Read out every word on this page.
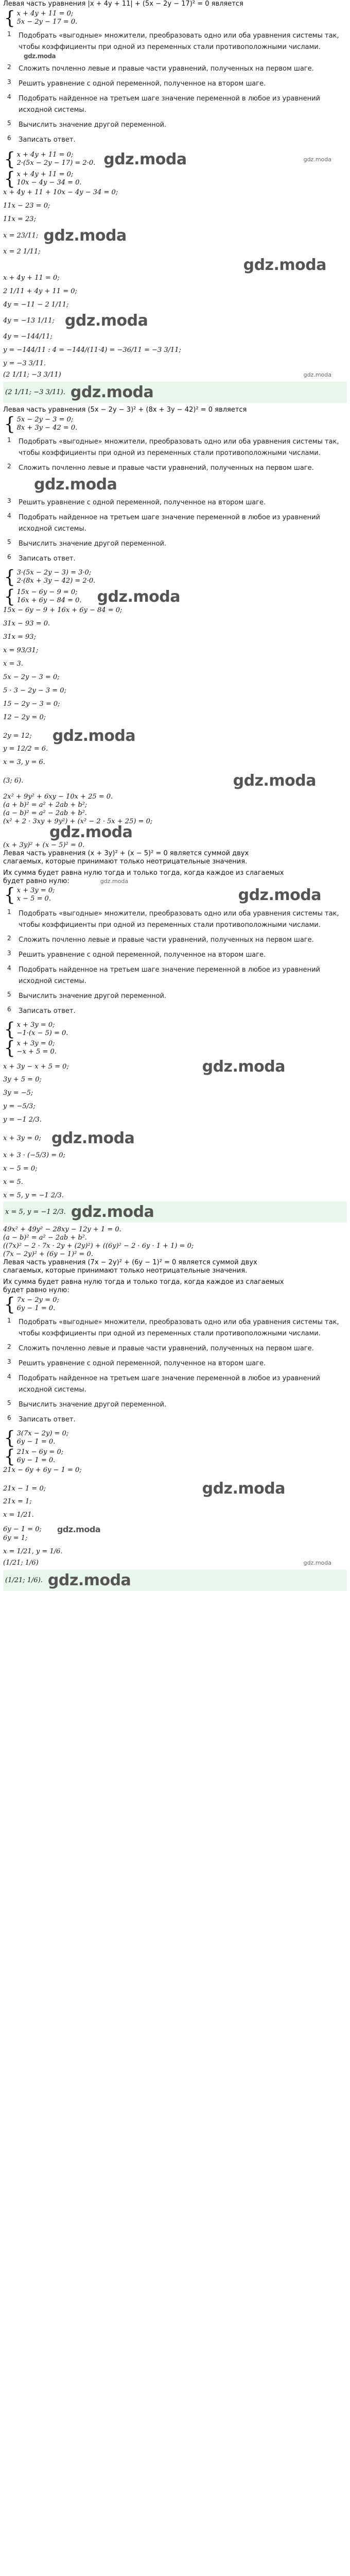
Левая часть уравнения |x + 4y + 11| + (5x − 2y − 17)² = 0 является

{ x + 4y + 11 = 0;
5x − 2y − 17 = 0.
1	Подобрать «выгодные» множители, преобразовать одно или оба уравнения системы так, чтобы коэффициенты при одной из переменных стали противоположными числами.
gdz.moda
2	Сложить почленно левые и правые части уравнений, полученных на первом шаге.
3	Решить уравнение с одной переменной, полученное на втором шаге.
4	Подобрать найденное на третьем шаге значение переменной в любое из уравнений исходной системы.
5	Вычислить значение другой переменной.
6	Записать ответ.
{ x + 4y + 11 = 0;
2·(5x − 2y − 17) = 2·0. gdz.moda	gdz.moda
{ x + 4y + 11 = 0;
10x − 4y − 34 = 0.

x + 4y + 11 + 10x − 4y − 34 = 0;

11x − 23 = 0;

11x = 23;

x = 23/11; gdz.moda

x = 2 1/11;

gdz.moda

x + 4y + 11 = 0;

2 1/11 + 4y + 11 = 0;

4y = −11 − 2 1/11;
4y = −13 1/11; gdz.moda

4y = −144/11;

y = −144/11 : 4 = −144/(11·4) = −36/11 = −3 3/11;

y = −3 3/11.

(2 1/11; −3 3/11)	gdz.moda
(2 1/11; −3 3/11). gdz.moda

Левая часть уравнения (5x − 2y − 3)² + (8x + 3y − 42)² = 0 является

{ 5x − 2y − 3 = 0;
8x + 3y − 42 = 0.
1	Подобрать «выгодные» множители, преобразовать одно или оба уравнения системы так, чтобы коэффициенты при одной из переменных стали противоположными числами.
2	Сложить почленно левые и правые части уравнений, полученных на первом шаге.
gdz.moda
3	Решить уравнение с одной переменной, полученное на втором шаге.
4	Подобрать найденное на третьем шаге значение переменной в любое из уравнений исходной системы.
5	Вычислить значение другой переменной.
6	Записать ответ.
{ 3·(5x − 2y − 3) = 3·0;
2·(8x + 3y − 42) = 2·0.
{ 15x − 6y − 9 = 0;
16x + 6y − 84 = 0. gdz.moda

15x − 6y − 9 + 16x + 6y − 84 = 0;

31x − 93 = 0.

31x = 93;

x = 93/31;

x = 3.

5x − 2y − 3 = 0;

5 · 3 − 2y − 3 = 0;

15 − 2y − 3 = 0;

12 − 2y = 0;

2y = 12; gdz.moda

y = 12/2 = 6.

x = 3, y = 6.

(3; 6).	gdz.moda

2x² + 9y² + 6xy − 10x + 25 = 0.

(a + b)² = a² + 2ab + b²;

(a − b)² = a² − 2ab + b².

(x² + 2 · 3xy + 9y²) + (x² − 2 · 5x + 25) = 0;
gdz.moda

(x + 3y)² + (x − 5)² = 0.

Левая часть уравнения (x + 3y)² + (x − 5)² = 0 является суммой двух

слагаемых, которые принимают только неотрицательные значения.

Их сумма будет равна нулю тогда и только тогда, когда каждое из слагаемых

будет равно нулю:	gdz.moda
{ x + 3y = 0;
x − 5 = 0.	gdz.moda
1	Подобрать «выгодные» множители, преобразовать одно или оба уравнения системы так, чтобы коэффициенты при одной из переменных стали противоположными числами.
2	Сложить почленно левые и правые части уравнений, полученных на первом шаге.
3	Решить уравнение с одной переменной, полученное на втором шаге.
4	Подобрать найденное на третьем шаге значение переменной в любое из уравнений исходной системы.
5	Вычислить значение другой переменной.
6	Записать ответ.
{ x + 3y = 0;
−1·(x − 5) = 0.
{ x + 3y = 0;
−x + 5 = 0.
x + 3y − x + 5 = 0;	gdz.moda

3y + 5 = 0;

3y = −5;

y = −5/3;

y = −1 2/3.

x + 3y = 0; gdz.moda

x + 3 · (−5/3) = 0;

x − 5 = 0;

x = 5.

x = 5, y = −1 2/3.

x = 5, y = −1 2/3. gdz.moda

49x² + 49y² − 28xy − 12y + 1 = 0.

(a − b)² = a² − 2ab + b².

((7x)² − 2 · 7x · 2y + (2y)²) + ((6y)² − 2 · 6y · 1 + 1) = 0;

(7x − 2y)² + (6y − 1)² = 0.

Левая часть уравнения (7x − 2y)² + (6y − 1)² = 0 является суммой двух

слагаемых, которые принимают только неотрицательные значения.

Их сумма будет равна нулю тогда и только тогда, когда каждое из слагаемых

будет равно нулю:

{ 7x − 2y = 0;
6y − 1 = 0.
1	Подобрать «выгодные» множители, преобразовать одно или оба уравнения системы так, чтобы коэффициенты при одной из переменных стали противоположными числами.
2	Сложить почленно левые и правые части уравнений, полученных на первом шаге.
3	Решить уравнение с одной переменной, полученное на втором шаге.
4	Подобрать найденное на третьем шаге значение переменной в любое из уравнений исходной системы.
5	Вычислить значение другой переменной.
6	Записать ответ.
{ 3(7x − 2y) = 0;
6y − 1 = 0.
{ 21x − 6y = 0;
6y − 1 = 0.

21x − 6y + 6y − 1 = 0;

21x − 1 = 0;	gdz.moda

21x = 1;

x = 1/21.

6y − 1 = 0; gdz.moda

6y = 1;

x = 1/21, y = 1/6.

(1/21; 1/6)	gdz.moda
(1/21; 1/6). gdz.moda
